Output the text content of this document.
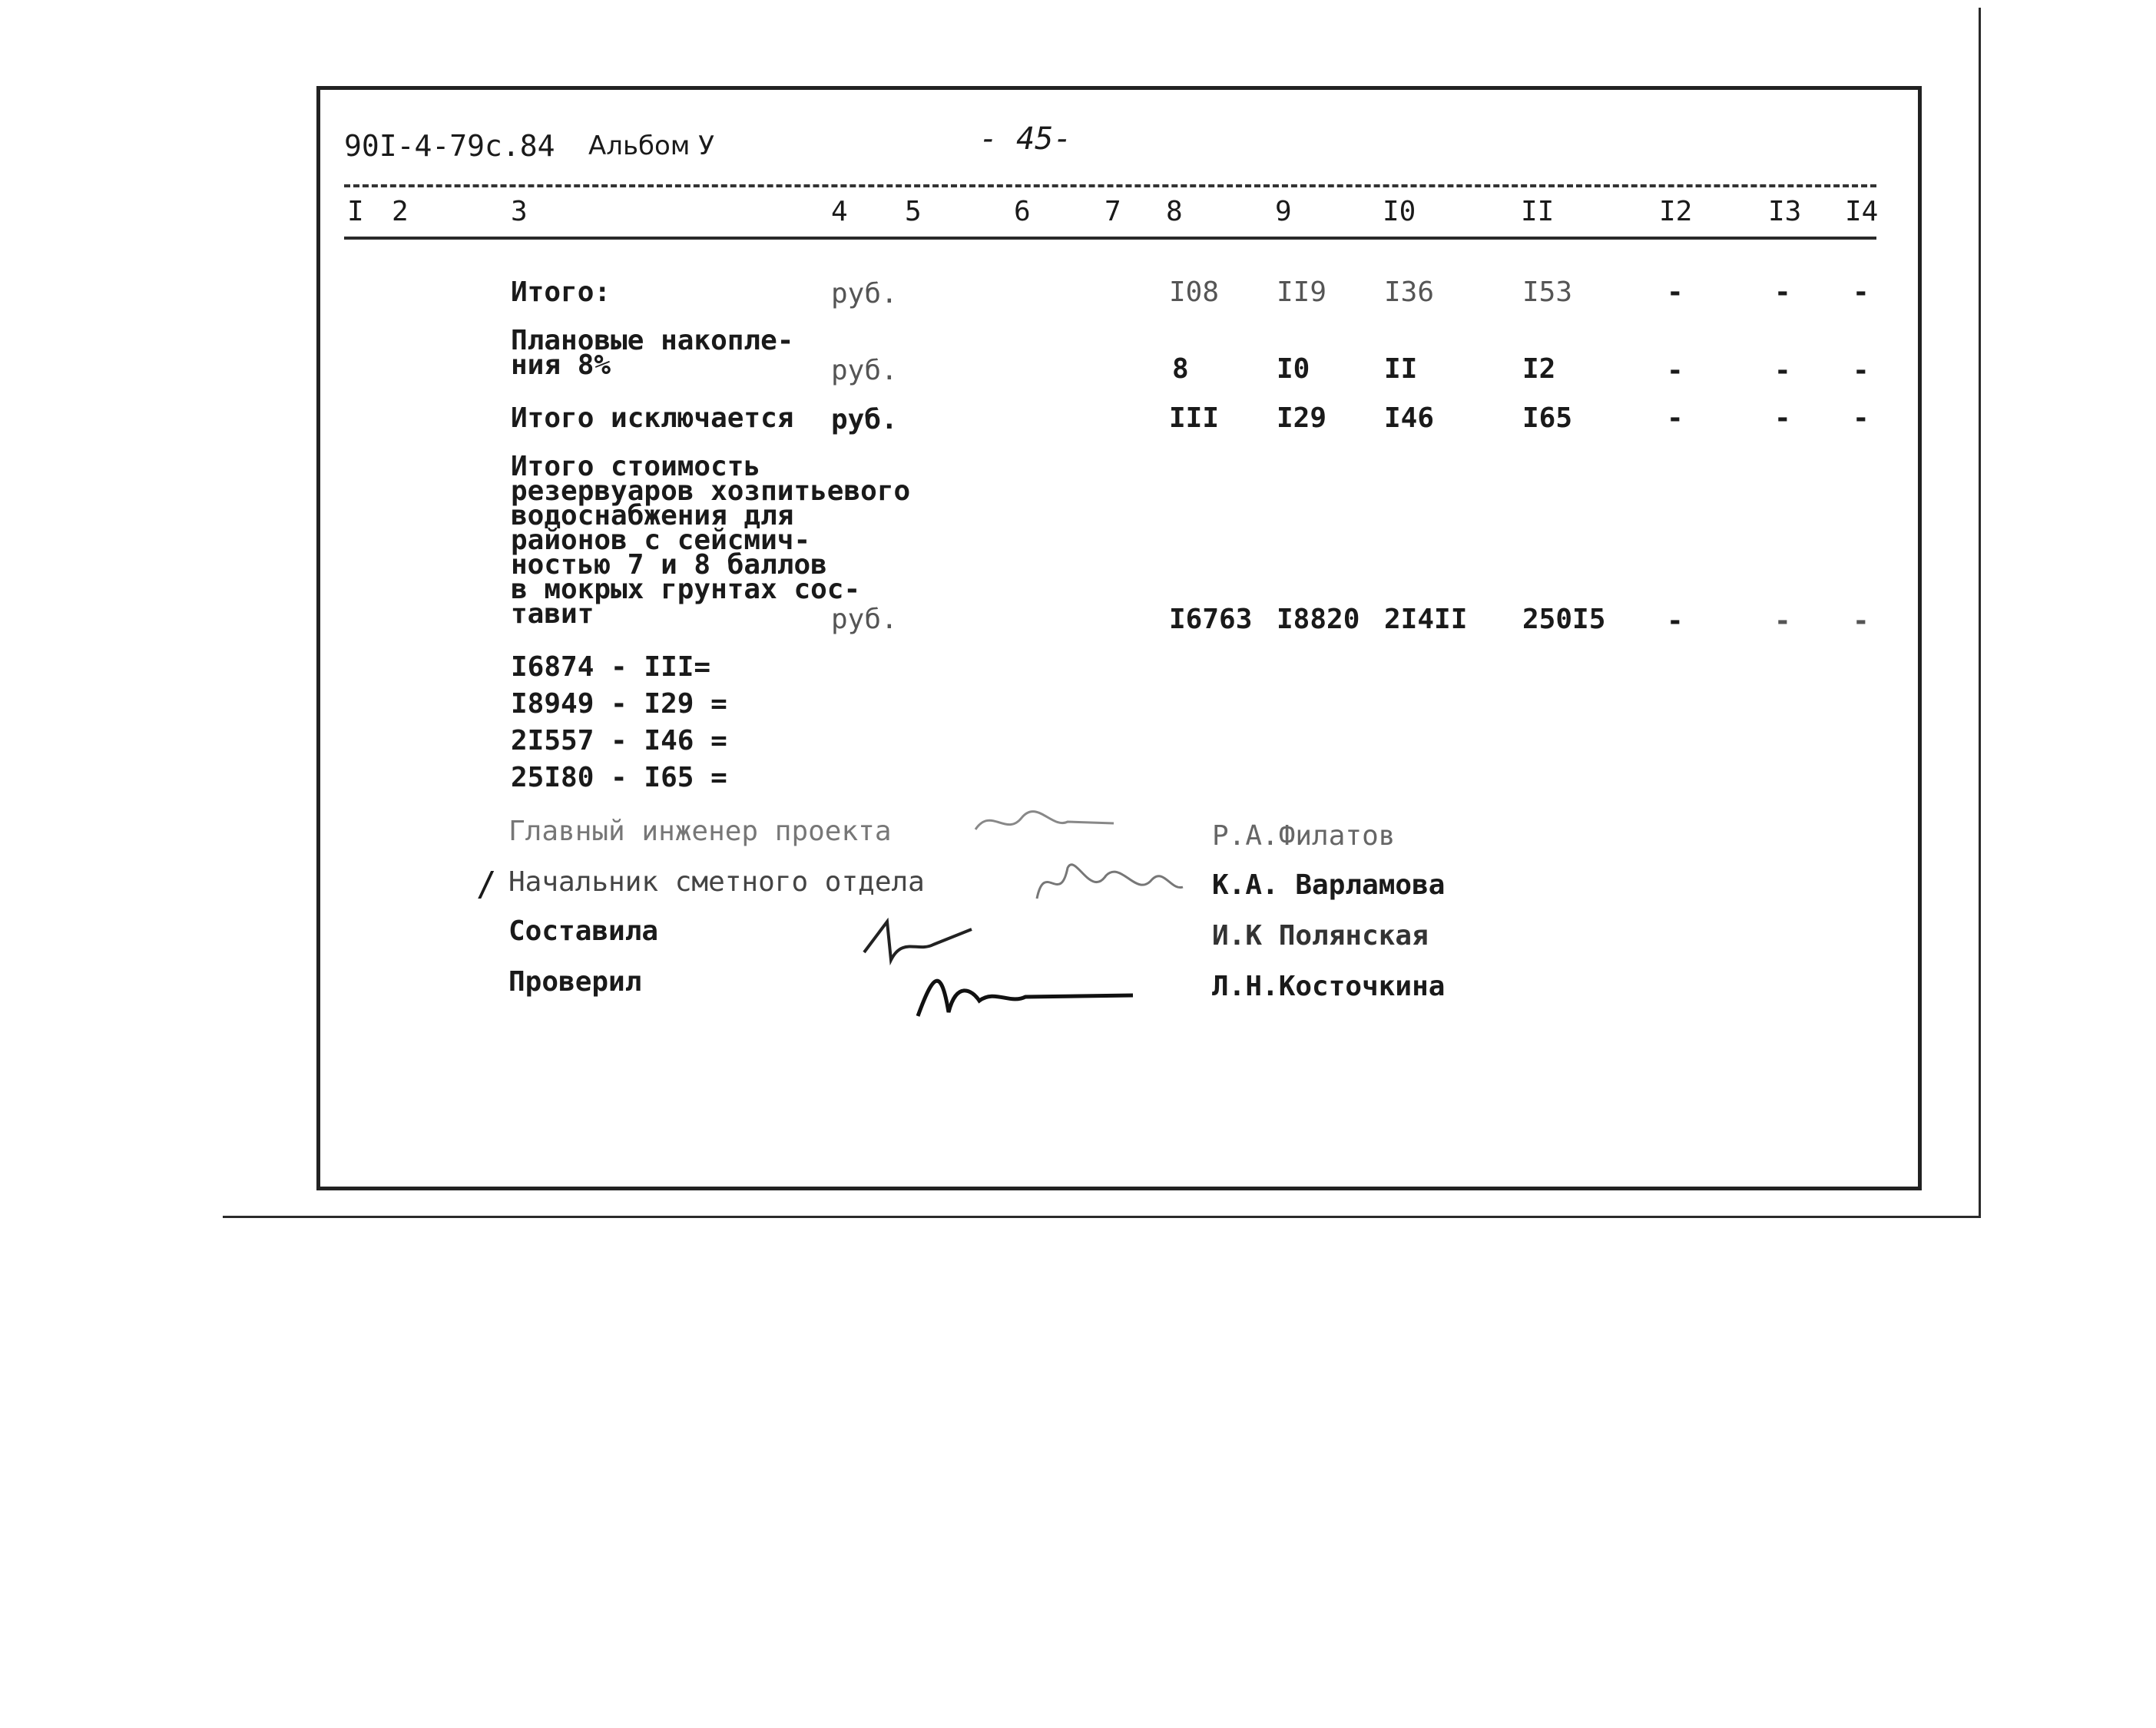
90I-4-79с.84 Альбом У	- 45-
I 2	3	4 5	6	7 8	9	I0	II	I2	I3 I4
Итого:	руб.	I08 II9 I36	I53	-	- -
Плановые накопле-
ния 8%	руб.	8	I0	II	I2	-	- -
Итого исключается руб.	III I29 I46	I65	-	- -
Итого стоимость
резервуаров хозпитьевого
водоснабжения для
районов с сейсмич-
ностью 7 и 8 баллов
в мокрых грунтах сос-
тавит	руб.	I6763 I8820 2I4II 250I5 -	- -
I6874 - III=
I8949 - I29 =
2I557 - I46 =
25I80 - I65 =
Главный инженер проекта	Р.А.Филатов
/ Начальник сметного отдела	К.А. Варламова
Составила	И.К Полянская
Проверил	Л.Н.Косточкина
